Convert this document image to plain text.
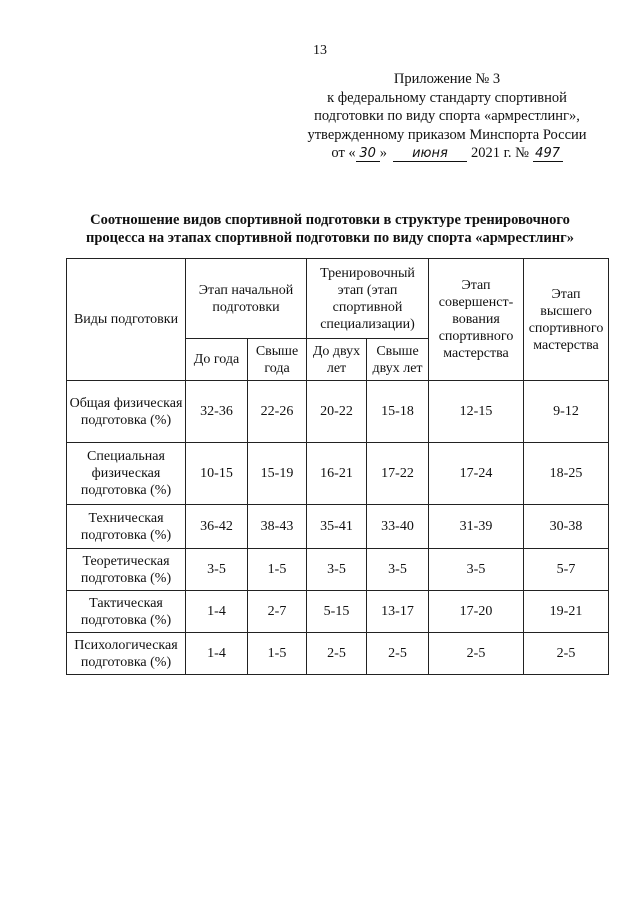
13
Приложение № 3
к федеральному стандарту спортивной
подготовки по виду спорта «армрестлинг»,
утвержденному приказом Минспорта России
от « 30 » июня 2021 г. № 497
Соотношение видов спортивной подготовки в структуре тренировочного
процесса на этапах спортивной подготовки по виду спорта «армрестлинг»
Виды подготовки	Этап начальной подготовки		Тренировочный этап (этап спортивной специализации)		Этап совершенст-вования спортивного мастерства	Этап высшего спортивного мастерства
	До года	Свыше года	До двух лет	Свыше двух лет		
Общая физическая подготовка (%)	32-36	22-26	20-22	15-18	12-15	9-12
Специальная физическая подготовка (%)	10-15	15-19	16-21	17-22	17-24	18-25
Техническая подготовка (%)	36-42	38-43	35-41	33-40	31-39	30-38
Теоретическая подготовка (%)	3-5	1-5	3-5	3-5	3-5	5-7
Тактическая подготовка (%)	1-4	2-7	5-15	13-17	17-20	19-21
Психологическая подготовка (%)	1-4	1-5	2-5	2-5	2-5	2-5
